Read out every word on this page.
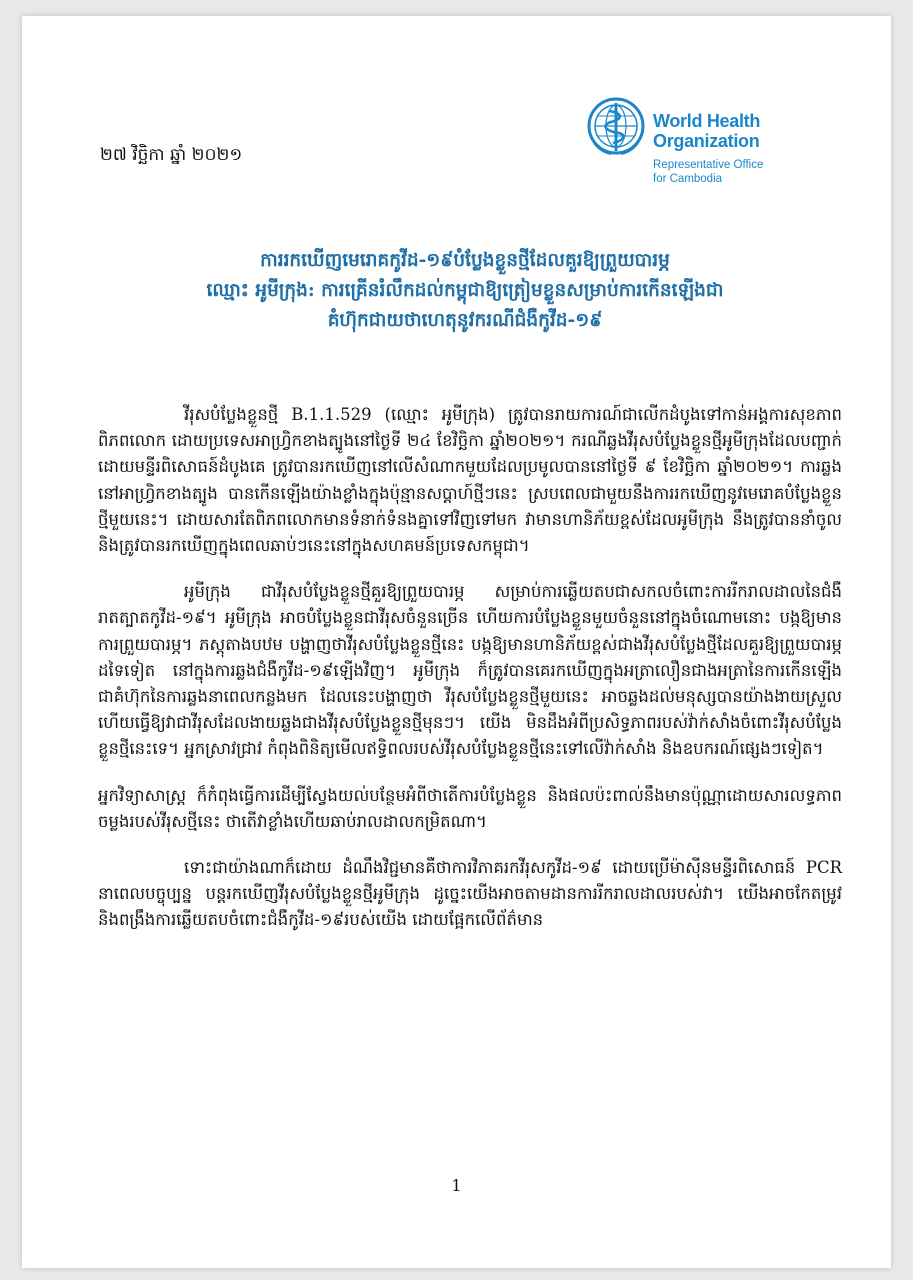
World Health
Organization
Representative Office
for Cambodia
២៧ វិច្ឆិកា ឆ្នាំ ២០២១
ការរកឃើញមេរោគកូវីដ-១៩បំប្លែងខ្លួនថ្មីដែលគួរឱ្យព្រួយបារម្ភ
ឈ្មោះ អូមីក្រុង: ការគ្រើនរំលឹកដល់កម្ពុជាឱ្យត្រៀមខ្លួនសម្រាប់ការកើនឡើងជា
គំហ៊ុកជាយថាហេតុនូវករណីជំងឺកូវីដ-១៩

វីរុសបំប្លែងខ្លួនថ្មី B.1.1.529 (ឈ្មោះ អូមីក្រុង) ត្រូវបានរាយការណ៍ជាលើកដំបូងទៅកាន់អង្គការសុខភាពពិភពលោក ដោយប្រទេសអាហ្វ្រិកខាងត្បូងនៅថ្ងៃទី ២៤ ខែវិច្ឆិកា ឆ្នាំ២០២១។ ករណីឆ្លងវីរុសបំប្លែងខ្លួនថ្មីអូមីក្រុងដែលបញ្ជាក់ដោយមន្ទីរពិសោធន៍ដំបូងគេ ត្រូវបានរកឃើញនៅលើសំណាកមួយដែលប្រមូលបាននៅថ្ងៃទី ៩ ខែវិច្ឆិកា ឆ្នាំ២០២១។ ការឆ្លងនៅអាហ្វ្រិកខាងត្បូង បានកើនឡើងយ៉ាងខ្លាំងក្នុងប៉ុន្មានសប្តាហ៍ថ្មីៗនេះ ស្របពេលជាមួយនឹងការរកឃើញនូវមេរោគបំប្លែងខ្លួនថ្មីមួយនេះ។ ដោយសារតែពិភពលោកមានទំនាក់ទំនងគ្នាទៅវិញទៅមក វាមានហានិភ័យខ្ពស់ដែលអូមីក្រុង នឹងត្រូវបាននាំចូល និងត្រូវបានរកឃើញក្នុងពេលឆាប់ៗនេះនៅក្នុងសហគមន៍ប្រទេសកម្ពុជា។

អូមីក្រុង ជាវីរុសបំប្លែងខ្លួនថ្មីគួរឱ្យព្រួយបារម្ភ សម្រាប់ការឆ្លើយតបជាសកលចំពោះការរីករាលដាលនៃជំងឺរាតត្បាតកូវីដ-១៩។ អូមីក្រុង អាចបំប្លែងខ្លួនជាវីរុសចំនួនច្រើន ហើយការបំប្លែងខ្លួនមួយចំនួននៅក្នុងចំណោមនោះ បង្កឱ្យមានការព្រួយបារម្ភ។ ភស្តុតាងបឋម បង្ហាញថាវីរុសបំប្លែងខ្លួនថ្មីនេះ បង្កឱ្យមានហានិភ័យខ្ពស់ជាងវីរុសបំប្លែងថ្មីដែលគួរឱ្យព្រួយបារម្ភដទៃទៀត នៅក្នុងការឆ្លងជំងឺកូវីដ-១៩ឡើងវិញ។ អូមីក្រុង ក៏ត្រូវបានគេរកឃើញក្នុងអត្រាលឿនជាងអត្រានៃការកើនឡើងជាគំហ៊ុកនៃការឆ្លងនាពេលកន្លងមក ដែលនេះបង្ហាញថា វីរុសបំប្លែងខ្លួនថ្មីមួយនេះ អាចឆ្លងដល់មនុស្សបានយ៉ាងងាយស្រួល ហើយធ្វើឱ្យវាជាវីរុសដែលងាយឆ្លងជាងវីរុសបំប្លែងខ្លួនថ្មីមុនៗ។ យើង មិនដឹងអំពីប្រសិទ្ធភាពរបស់វ៉ាក់សាំងចំពោះវីរុសបំប្លែងខ្លួនថ្មីនេះទេ។ អ្នកស្រាវជ្រាវ កំពុងពិនិត្យមើលឥទ្ធិពលរបស់វីរុសបំប្លែងខ្លួនថ្មីនេះទៅលើវ៉ាក់សាំង និងឧបករណ៍ផ្សេងៗទៀត។

អ្នកវិទ្យាសាស្ត្រ ក៏កំពុងធ្វើការដើម្បីស្វែងយល់បន្ថែមអំពីថាតើការបំប្លែងខ្លួន និងផលប៉ះពាល់នឹងមានប៉ុណ្ណាដោយសារលទ្ធភាពចម្លងរបស់វីរុសថ្មីនេះ ថាតើវាខ្លាំងហើយឆាប់រាលដាលកម្រិតណា។

ទោះជាយ៉ាងណាក៏ដោយ ដំណឹងវិជ្ជមានគឺថាការវិភាគរកវីរុសកូវីដ-១៩ ដោយប្រើម៉ាស៊ីនមន្ទីរពិសោធន៍ PCR នាពេលបច្ចុប្បន្ន បន្តរកឃើញវីរុសបំប្លែងខ្លួនថ្មីអូមីក្រុង ដូច្នេះយើងអាចតាមដានការរីករាលដាលរបស់វា។ យើងអាចកែតម្រូវ និងពង្រឹងការឆ្លើយតបចំពោះជំងឺកូវីដ-១៩របស់យើង ដោយផ្អែកលើព័ត៌មាន

1
